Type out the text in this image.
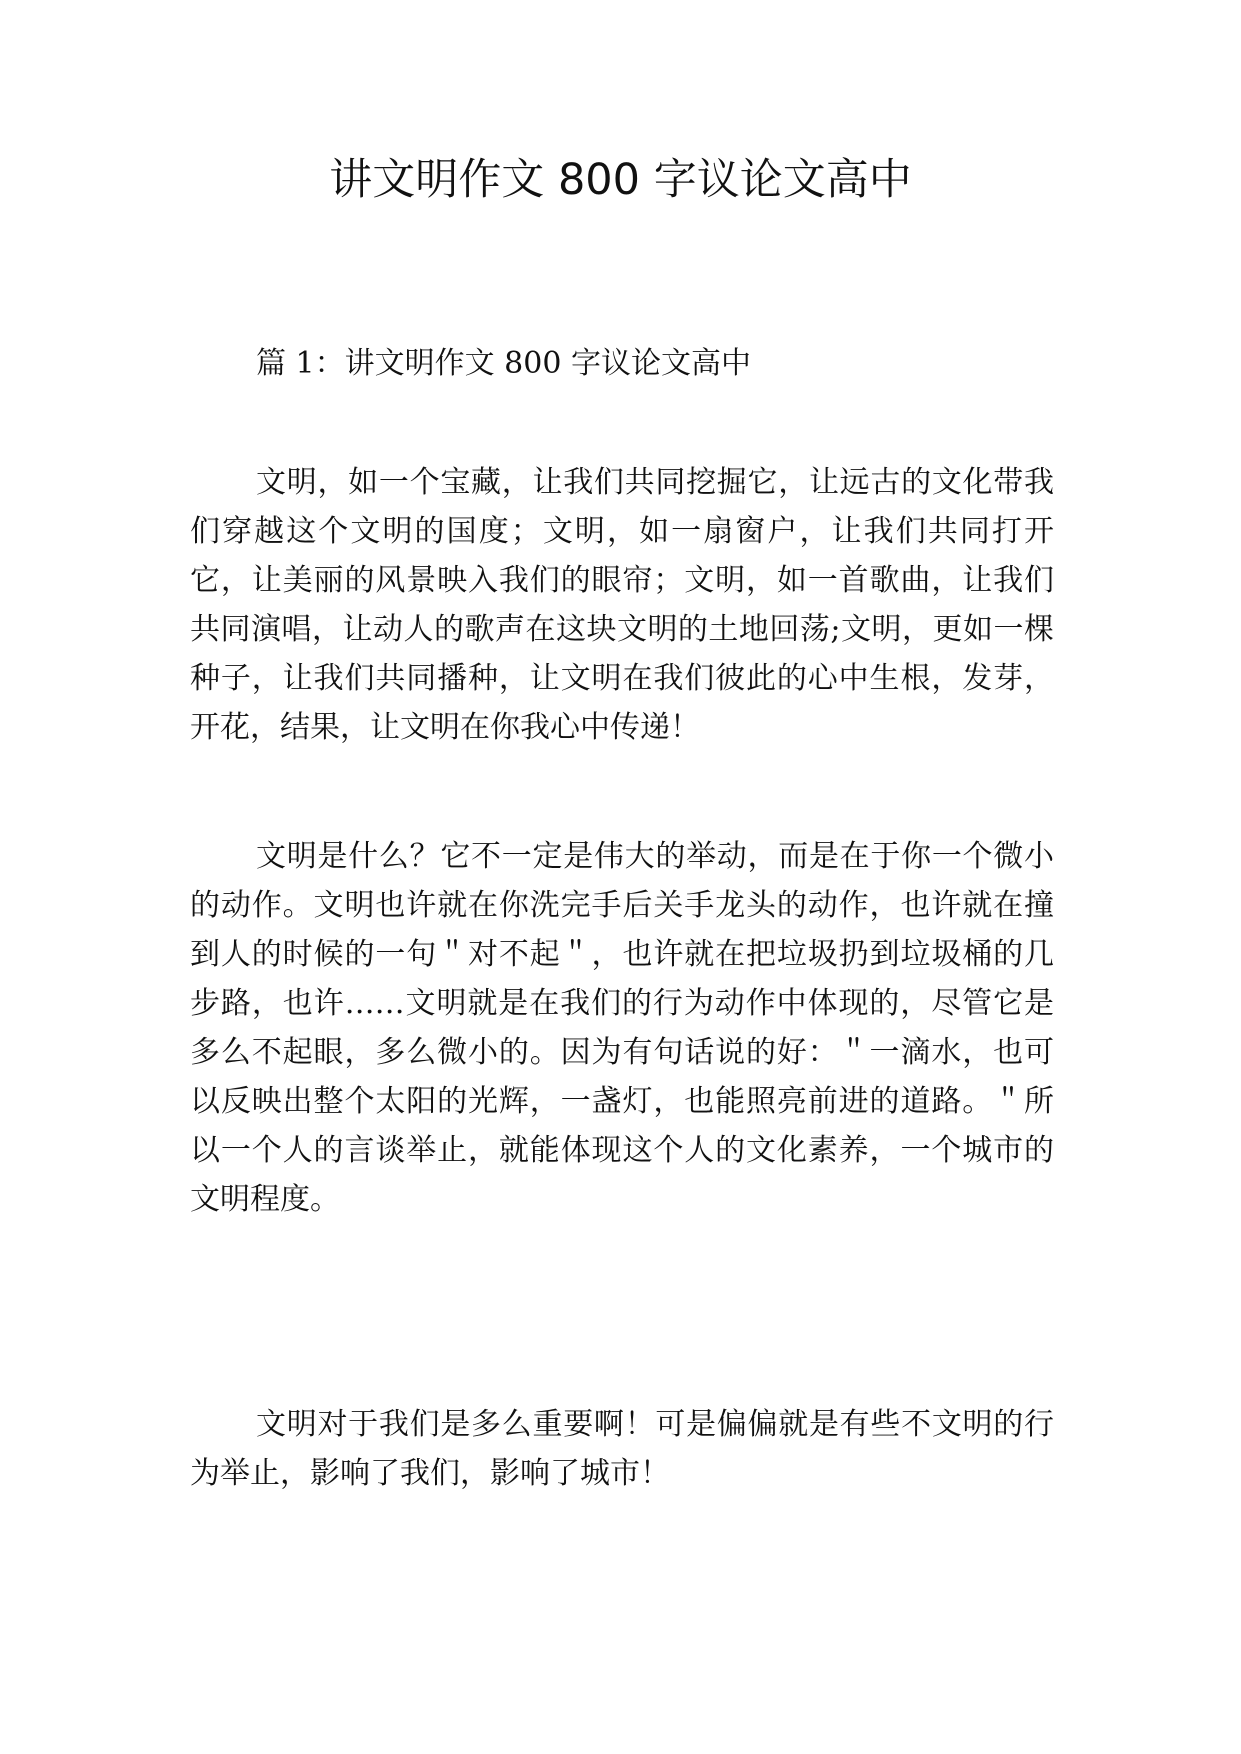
讲文明作文 800 字议论文高中
篇 1：讲文明作文 800 字议论文高中

文明，如一个宝藏，让我们共同挖掘它，让远古的文化带我们穿越这个文明的国度；文明，如一扇窗户，让我们共同打开它，让美丽的风景映入我们的眼帘；文明，如一首歌曲，让我们共同演唱，让动人的歌声在这块文明的土地回荡;文明，更如一棵种子，让我们共同播种，让文明在我们彼此的心中生根，发芽，开花，结果，让文明在你我心中传递！

文明是什么？它不一定是伟大的举动，而是在于你一个微小的动作。文明也许就在你洗完手后关手龙头的动作，也许就在撞到人的时候的一句＂对不起＂，也许就在把垃圾扔到垃圾桶的几步路，也许……文明就是在我们的行为动作中体现的，尽管它是多么不起眼，多么微小的。因为有句话说的好：＂一滴水，也可以反映出整个太阳的光辉，一盏灯，也能照亮前进的道路。＂所以一个人的言谈举止，就能体现这个人的文化素养，一个城市的文明程度。

文明对于我们是多么重要啊！可是偏偏就是有些不文明的行为举止，影响了我们，影响了城市！
